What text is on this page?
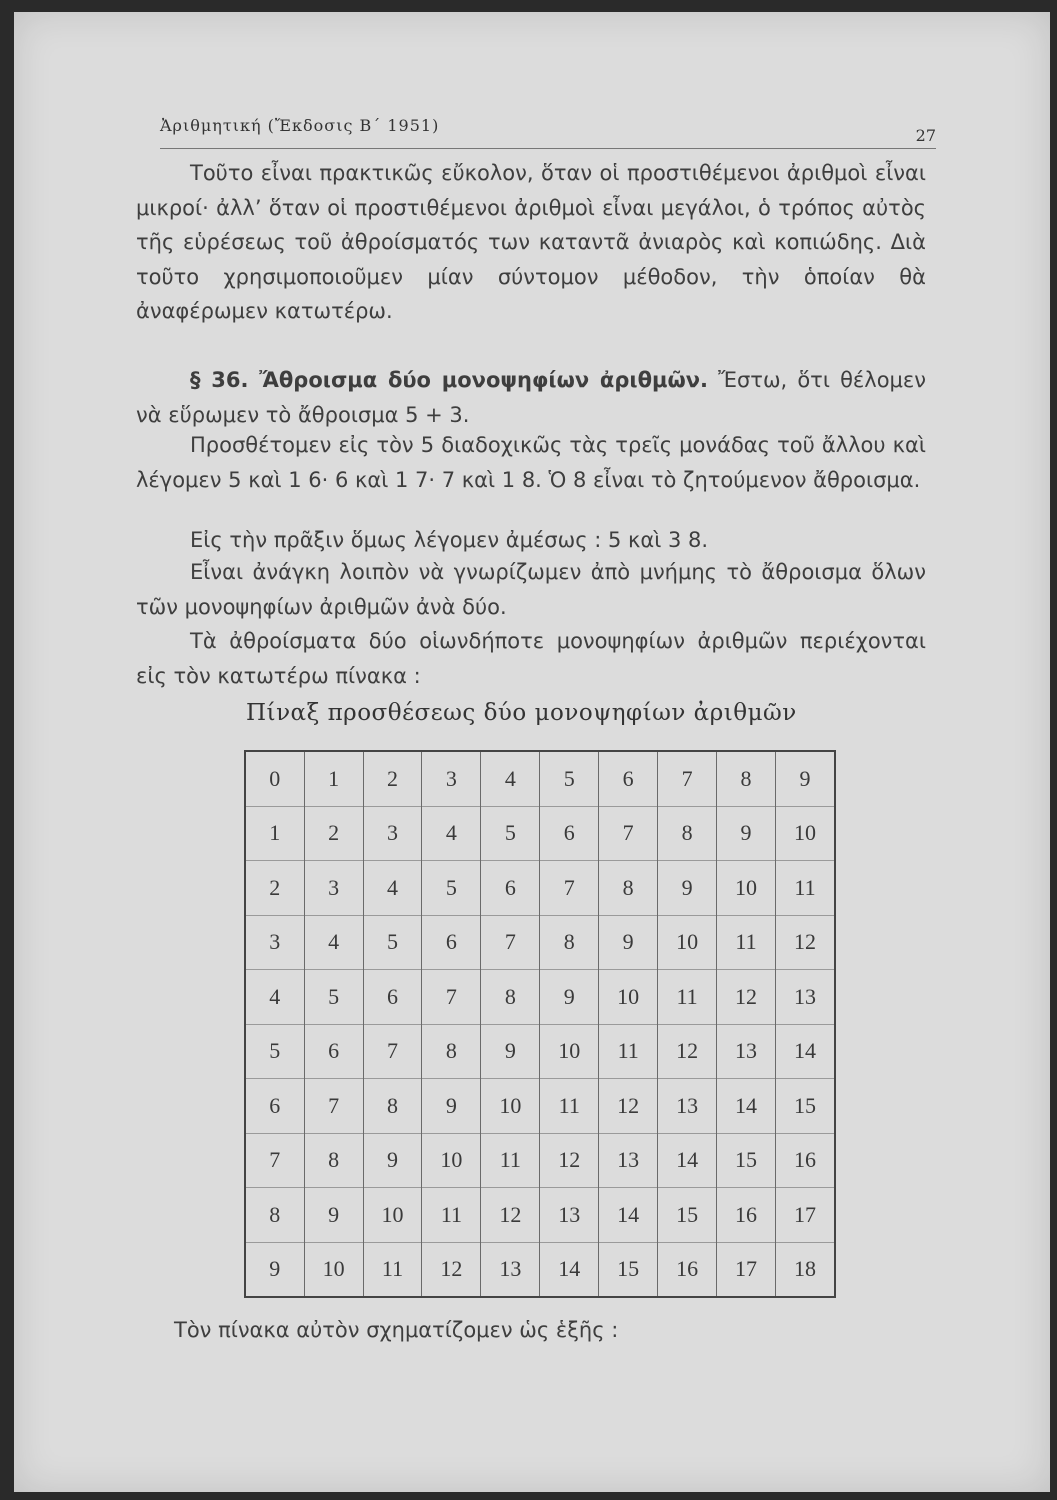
Ἀριθμητική (Ἔκδοσις Β΄ 1951)
27
Τοῦτο εἶναι πρακτικῶς εὔκολον, ὅταν οἱ προστιθέμενοι ἀριθμοὶ εἶναι μικροί· ἀλλ’ ὅταν οἱ προστιθέμενοι ἀριθμοὶ εἶναι μεγάλοι, ὁ τρόπος αὐτὸς τῆς εὑρέσεως τοῦ ἀθροίσματός των καταντᾶ ἀνιαρὸς καὶ κοπιώδης. Διὰ τοῦτο χρησιμοποιοῦμεν μίαν σύντομον μέθοδον, τὴν ὁποίαν θὰ ἀναφέρωμεν κατωτέρω.
§ 36. Ἄθροισμα δύο μονοψηφίων ἀριθμῶν. Ἔστω, ὅτι θέλομεν νὰ εὕρωμεν τὸ ἄθροισμα 5 + 3.
Προσθέτομεν εἰς τὸν 5 διαδοχικῶς τὰς τρεῖς μονάδας τοῦ ἄλλου καὶ λέγομεν 5 καὶ 1 6· 6 καὶ 1 7· 7 καὶ 1 8. Ὁ 8 εἶναι τὸ ζητούμενον ἄθροισμα.
Εἰς τὴν πρᾶξιν ὅμως λέγομεν ἀμέσως : 5 καὶ 3 8.
Εἶναι ἀνάγκη λοιπὸν νὰ γνωρίζωμεν ἀπὸ μνήμης τὸ ἄθροισμα ὅλων τῶν μονοψηφίων ἀριθμῶν ἀνὰ δύο.
Τὰ ἀθροίσματα δύο οἱωνδήποτε μονοψηφίων ἀριθμῶν περιέχονται εἰς τὸν κατωτέρω πίνακα :
Πίναξ προσθέσεως δύο μονοψηφίων ἀριθμῶν
0	1	2	3	4	5	6	7	8	9
1	2	3	4	5	6	7	8	9	10
2	3	4	5	6	7	8	9	10	11
3	4	5	6	7	8	9	10	11	12
4	5	6	7	8	9	10	11	12	13
5	6	7	8	9	10	11	12	13	14
6	7	8	9	10	11	12	13	14	15
7	8	9	10	11	12	13	14	15	16
8	9	10	11	12	13	14	15	16	17
9	10	11	12	13	14	15	16	17	18
Τὸν πίνακα αὐτὸν σχηματίζομεν ὡς ἑξῆς :
